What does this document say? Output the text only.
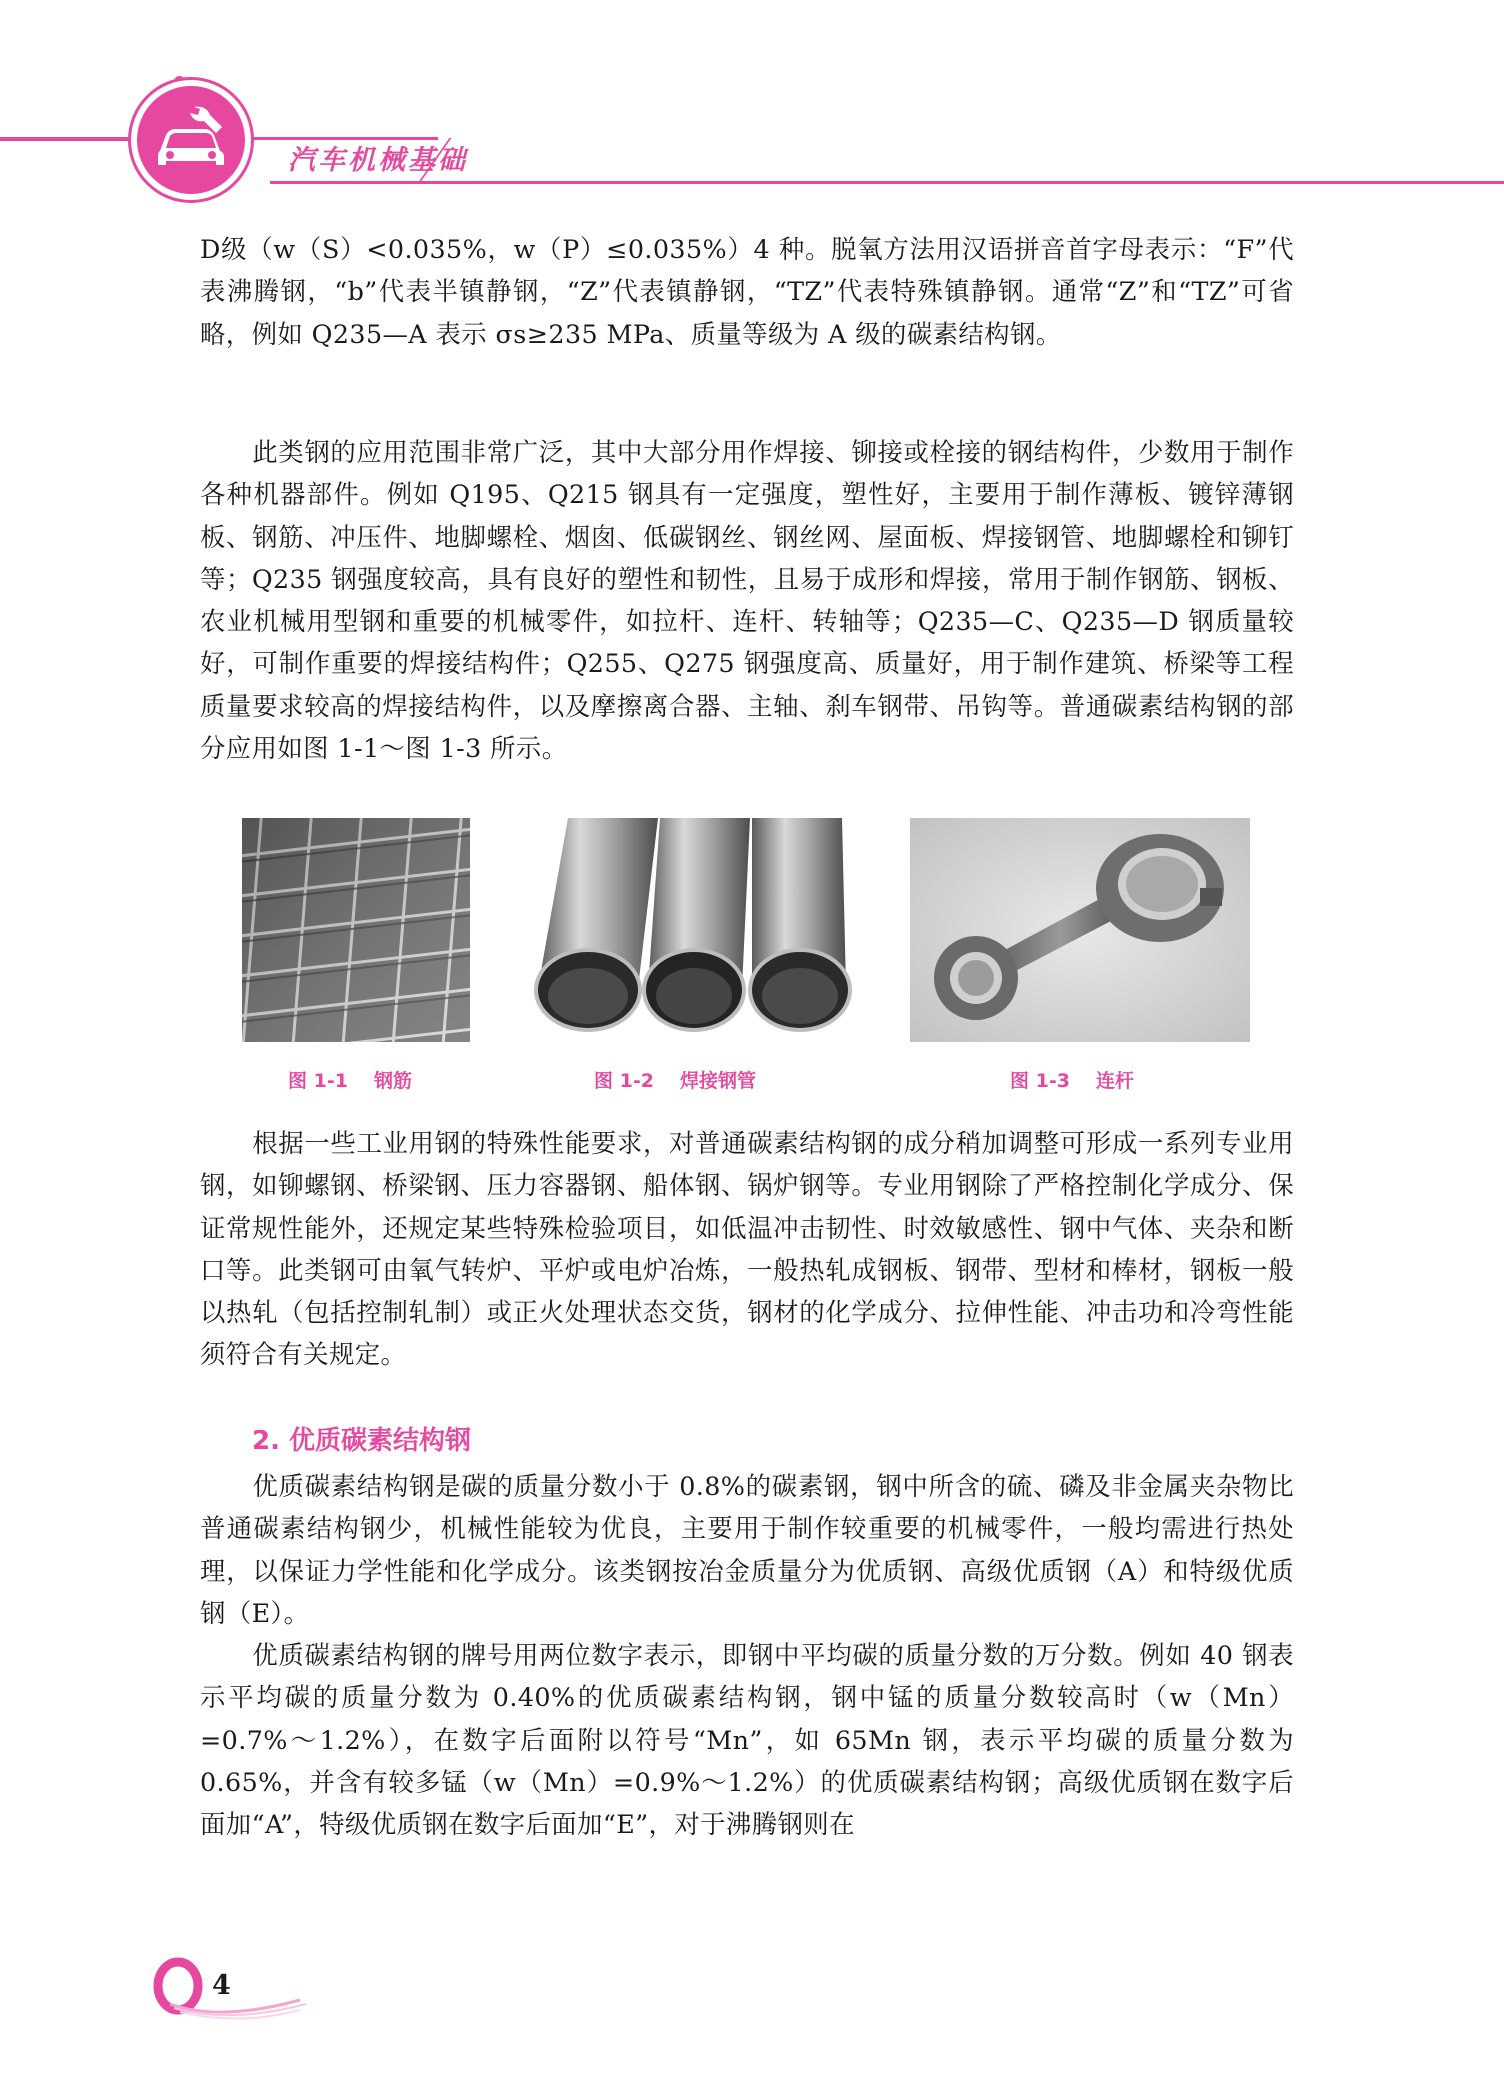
汽车机械基础

D级（w（S）<0.035%，w（P）≤0.035%）4 种。脱氧方法用汉语拼音首字母表示：“F”代表沸腾钢，“b”代表半镇静钢，“Z”代表镇静钢，“TZ”代表特殊镇静钢。通常“Z”和“TZ”可省略，例如 Q235—A 表示 σs≥235 MPa、质量等级为 A 级的碳素结构钢。

此类钢的应用范围非常广泛，其中大部分用作焊接、铆接或栓接的钢结构件，少数用于制作各种机器部件。例如 Q195、Q215 钢具有一定强度，塑性好，主要用于制作薄板、镀锌薄钢板、钢筋、冲压件、地脚螺栓、烟囱、低碳钢丝、钢丝网、屋面板、焊接钢管、地脚螺栓和铆钉等；Q235 钢强度较高，具有良好的塑性和韧性，且易于成形和焊接，常用于制作钢筋、钢板、农业机械用型钢和重要的机械零件，如拉杆、连杆、转轴等；Q235—C、Q235—D 钢质量较好，可制作重要的焊接结构件；Q255、Q275 钢强度高、质量好，用于制作建筑、桥梁等工程质量要求较高的焊接结构件，以及摩擦离合器、主轴、刹车钢带、吊钩等。普通碳素结构钢的部分应用如图 1-1～图 1-3 所示。

图 1-1 钢筋	图 1-2 焊接钢管	图 1-3 连杆

根据一些工业用钢的特殊性能要求，对普通碳素结构钢的成分稍加调整可形成一系列专业用钢，如铆螺钢、桥梁钢、压力容器钢、船体钢、锅炉钢等。专业用钢除了严格控制化学成分、保证常规性能外，还规定某些特殊检验项目，如低温冲击韧性、时效敏感性、钢中气体、夹杂和断口等。此类钢可由氧气转炉、平炉或电炉冶炼，一般热轧成钢板、钢带、型材和棒材，钢板一般以热轧（包括控制轧制）或正火处理状态交货，钢材的化学成分、拉伸性能、冲击功和冷弯性能须符合有关规定。

2. 优质碳素结构钢

优质碳素结构钢是碳的质量分数小于 0.8%的碳素钢，钢中所含的硫、磷及非金属夹杂物比普通碳素结构钢少，机械性能较为优良，主要用于制作较重要的机械零件，一般均需进行热处理，以保证力学性能和化学成分。该类钢按冶金质量分为优质钢、高级优质钢（A）和特级优质钢（E）。

优质碳素结构钢的牌号用两位数字表示，即钢中平均碳的质量分数的万分数。例如 40 钢表示平均碳的质量分数为 0.40%的优质碳素结构钢，钢中锰的质量分数较高时（w（Mn）=0.7%～1.2%），在数字后面附以符号“Mn”，如 65Mn 钢，表示平均碳的质量分数为 0.65%，并含有较多锰（w（Mn）=0.9%～1.2%）的优质碳素结构钢；高级优质钢在数字后面加“A”，特级优质钢在数字后面加“E”，对于沸腾钢则在

4
